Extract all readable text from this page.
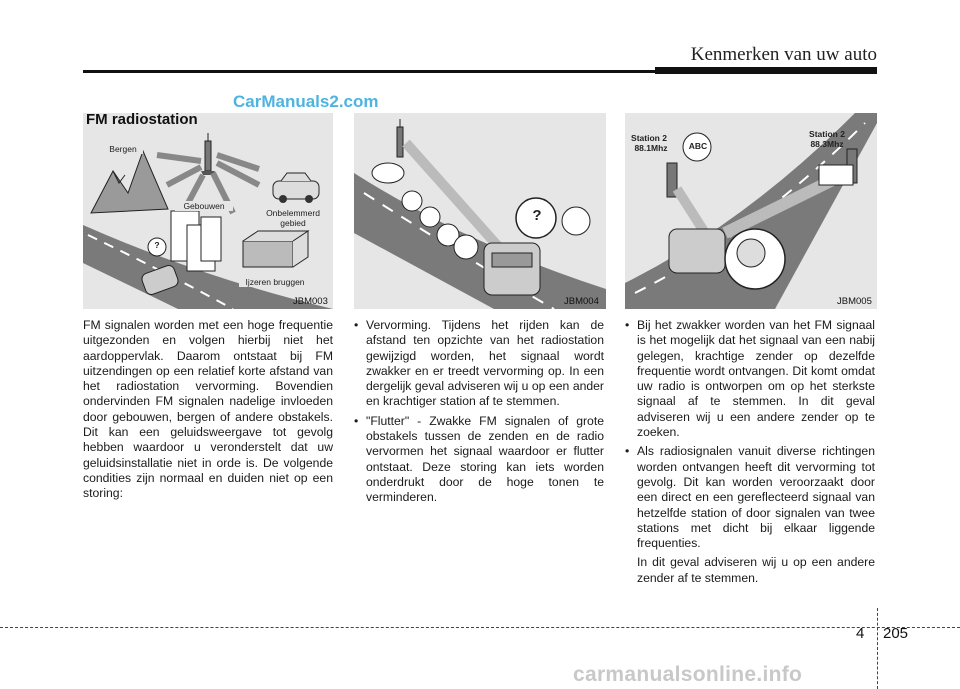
Kenmerken van uw auto
Bergen
Gebouwen
Onbelemmerd gebied
Ijzeren bruggen
?
FM radiostation
CarManuals2.com
JBM003
?
JBM004
Station 2
88.1Mhz
Station 2
88.3Mhz
ABC
JBM005

FM signalen worden met een hoge frequentie uitgezonden en volgen hierbij niet het aardoppervlak. Daarom ontstaat bij FM uitzendingen op een relatief korte afstand van het radiostation vervorming. Bovendien ondervinden FM signalen nadelige invloeden door gebouwen, bergen of andere obstakels. Dit kan een geluidsweergave tot gevolg hebben waardoor u veronderstelt dat uw geluidsinstallatie niet in orde is. De volgende condities zijn normaal en duiden niet op een storing:

• Vervorming. Tijdens het rijden kan de afstand ten opzichte van het radiostation gewijzigd worden, het signaal wordt zwakker en er treedt vervorming op. In een dergelijk geval adviseren wij u op een ander en krachtiger station af te stemmen.
• "Flutter" - Zwakke FM signalen of grote obstakels tussen de zenden en de radio vervormen het signaal waardoor er flutter ontstaat. Deze storing kan iets worden onderdrukt door de hoge tonen te verminderen.
• Bij het zwakker worden van het FM signaal is het mogelijk dat het signaal van een nabij gelegen, krachtige zender op dezelfde frequentie wordt ontvangen. Dit komt omdat uw radio is ontworpen om op het sterkste signaal af te stemmen. In dit geval adviseren wij u een andere zender op te zoeken.
• Als radiosignalen vanuit diverse richtingen worden ontvangen heeft dit vervorming tot gevolg. Dit kan worden veroorzaakt door een direct en een gereflecteerd signaal van hetzelfde station of door signalen van twee stations met dicht bij elkaar liggende frequenties.

In dit geval adviseren wij u op een andere zender af te stemmen.

4 205
carmanualsonline.info
